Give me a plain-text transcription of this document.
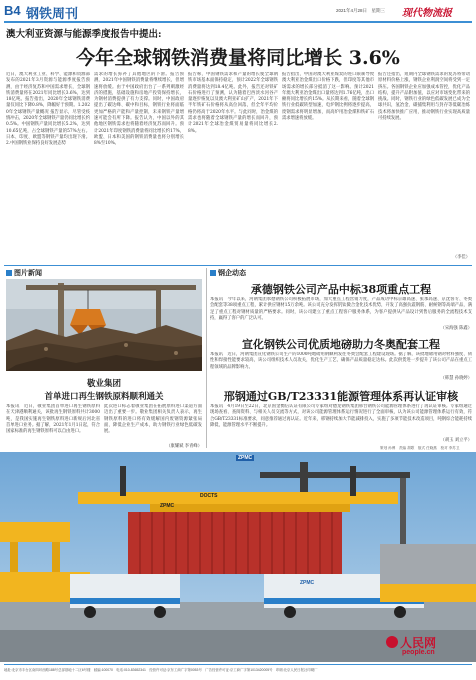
B4 钢铁周刊	2021年4月28日　星期三 现代物流报
澳大利亚资源与能源季度报告中提出:
今年全球钢铁消费量将同比增长 3.6%
近日，澳大利亚工业、科学、能源和资源部发布的2021年3月资源与能源季度报告预测，由于经济复苏和中国需求增长，全球钢铁消费量将在2021年同比增长3.6%，达到18亿吨。报告指出，2020年全球钢铁消费量仅同比下降0.8%，降幅好于预期。1.2020年全球钢铁产量概况 报告显示，尽管受疫情冲击，2020年全球钢铁产量仍同比增长约0.5%。中国钢铁产量同比增长5.2%，达到10.65亿吨，占全球钢铁产量的57%左右。日本、印度、欧盟等钢铁产量均出现下滑。2.中国钢铁业保持良好发展态势
需求的增长弥补了其他地区的下滑。报告预测，2021年中国钢铁消费量将继续增长，但增速将放缓。由于中国政府出台了一系列刺激经济的措施，基础设施和房地产投资保持增长，为钢材消费提供了有力支撑。同时，中国政府提出了碳达峰、碳中和目标，钢铁行业将面临更加严格的产能和产量控制，未来钢铁产量增速可能会有所下降。报告认为，中国以外的其他地区钢铁需求也将随着经济复苏而回升。预计2021年印度钢铁消费量将同比增长约17%，欧盟、日本和美国的钢铁消费量也将分别增长8%至10%。
报告称，中国钢铁需求和产量的增长使全球钢铁市场基本面保持稳定，预计2022年全球钢铁消费量将达到18.4亿吨。此外，报告还对铁矿石价格进行了预测，认为随着巴西淡水河谷产量逐步恢复以及澳大利亚矿山扩产，2021年下半年铁矿石价格将从高位回落，但全年平均价格仍将高于2020年水平。与此同时，冶金煤的需求也将随着全球钢铁产量的增长而回升，预计2021年全球冶金煤贸易量将同比增长2.8%。
报告指出，中国对澳大利亚煤炭的进口限制导致澳大利亚冶金煤出口价格下跌，但印度等其他市场需求的增长部分抵消了这一影响。预计2021年澳大利亚冶金煤出口量将达到1.76亿吨，出口额将同比增长约15%。从长期来看，随着全球钢铁行业低碳转型加速，电炉钢比例将逐步提高，废钢需求将明显增加，而高炉用冶金煤和铁矿石需求增速将放缓。
报告还指出，短期内全球钢铁需求的复苏将带动原材料价格上涨，钢铁企业利润空间将受到一定挤压。各国钢铁企业应加强成本管控，优化产品结构，提升产品附加值，以应对市场变化带来的挑战。同时，钢铁行业的绿色低碳发展已成为全球共识，氢冶金、碳捕集利用与封存等低碳冶炼技术将加快推广应用，推动钢铁行业实现高质量可持续发展。
（李佳）
图片新闻
敬业集团
首单进口再生钢铁原料顺利通关
本报讯　近日，敬业集团首单进口再生钢铁原料在天津港顺利通关，该批再生钢铁原料共计3000吨，是我国实施再生钢铁原料进口新规后河北省首单进口业务。据了解，2021年1月1日起，符合国家标准的再生钢铁原料可以自由进口。
此次进口标志着敬业集团在拓展原料进口渠道方面迈出了重要一步。敬业集团相关负责人表示，再生钢铁原料的进口将有效缓解国内废钢资源紧张局面，降低企业生产成本，助力钢铁行业绿色低碳发展。
（康耀斌 李青峰）
钢企动态
承德钢铁公司产品中标38项重点工程
本报讯　今年以来，河钢集团承德钢铁公司积极拓展市场，加大重点工程营销力度，产品成功中标京雄高速、张承高速、京沈客专、冬奥会配套等38项重点工程，累计供应钢材15万余吨。该公司充分发挥钒钛微合金化技术优势，开发了高强抗震钢筋、耐候钢等高端产品，满足了重点工程对钢材质量的严格要求。同时，该公司建立了重点工程客户服务体系，为客户提供从产品设计到售后服务的全流程技术支持，赢得了客户的广泛认可。
（宋海强 陈鑫）
宣化钢铁公司优质地磅助力冬奥配套工程
本报讯　近日，河钢集团宣化钢铁公司生产的1000吨地磅用钢顺利发往冬奥会配套工程建设现场。据了解，该批地磅用钢对材料强度、韧性和焊接性能要求较高，该公司组织技术人员攻关，优化生产工艺，确保产品质量稳定达标。此次供货进一步提升了该公司产品在重点工程领域的品牌影响力。
（韩慧 孙晓婷）
邢钢通过GB/T23331能源管理体系再认证审核
本报讯　4月19日至22日，北京国金衡信认证有限公司专家组对德龙钢铁集团邢台钢铁公司能源管理体系进行了再认证审核。专家组通过现场查看、查阅资料、与相关人员交流等方式，对该公司能源管理体系运行情况进行了全面审核，认为该公司能源管理体系运行有效，符合GB/T23331标准要求，同意推荐通过再认证。近年来，邢钢持续加大节能减排投入，实施了多项节能技术改造项目，吨钢综合能耗持续降低，能源管理水平不断提升。
（胡玉 刘立平）
策划 孙博　责编 胡歌　版式 任晓燕　校对 李苏卫
ZPMC
DOCTS
ZPMC
ZPMC
人民网
people.cn
地址:北京市丰台区南四环西路188号总部基地十二区6号楼　邮编:100070　电话:010-83652341　经营许可证:京东工商广字第0053号　广告经营许可证:京工商广字第1013420005号　印刷:北京人民日报社印刷厂
